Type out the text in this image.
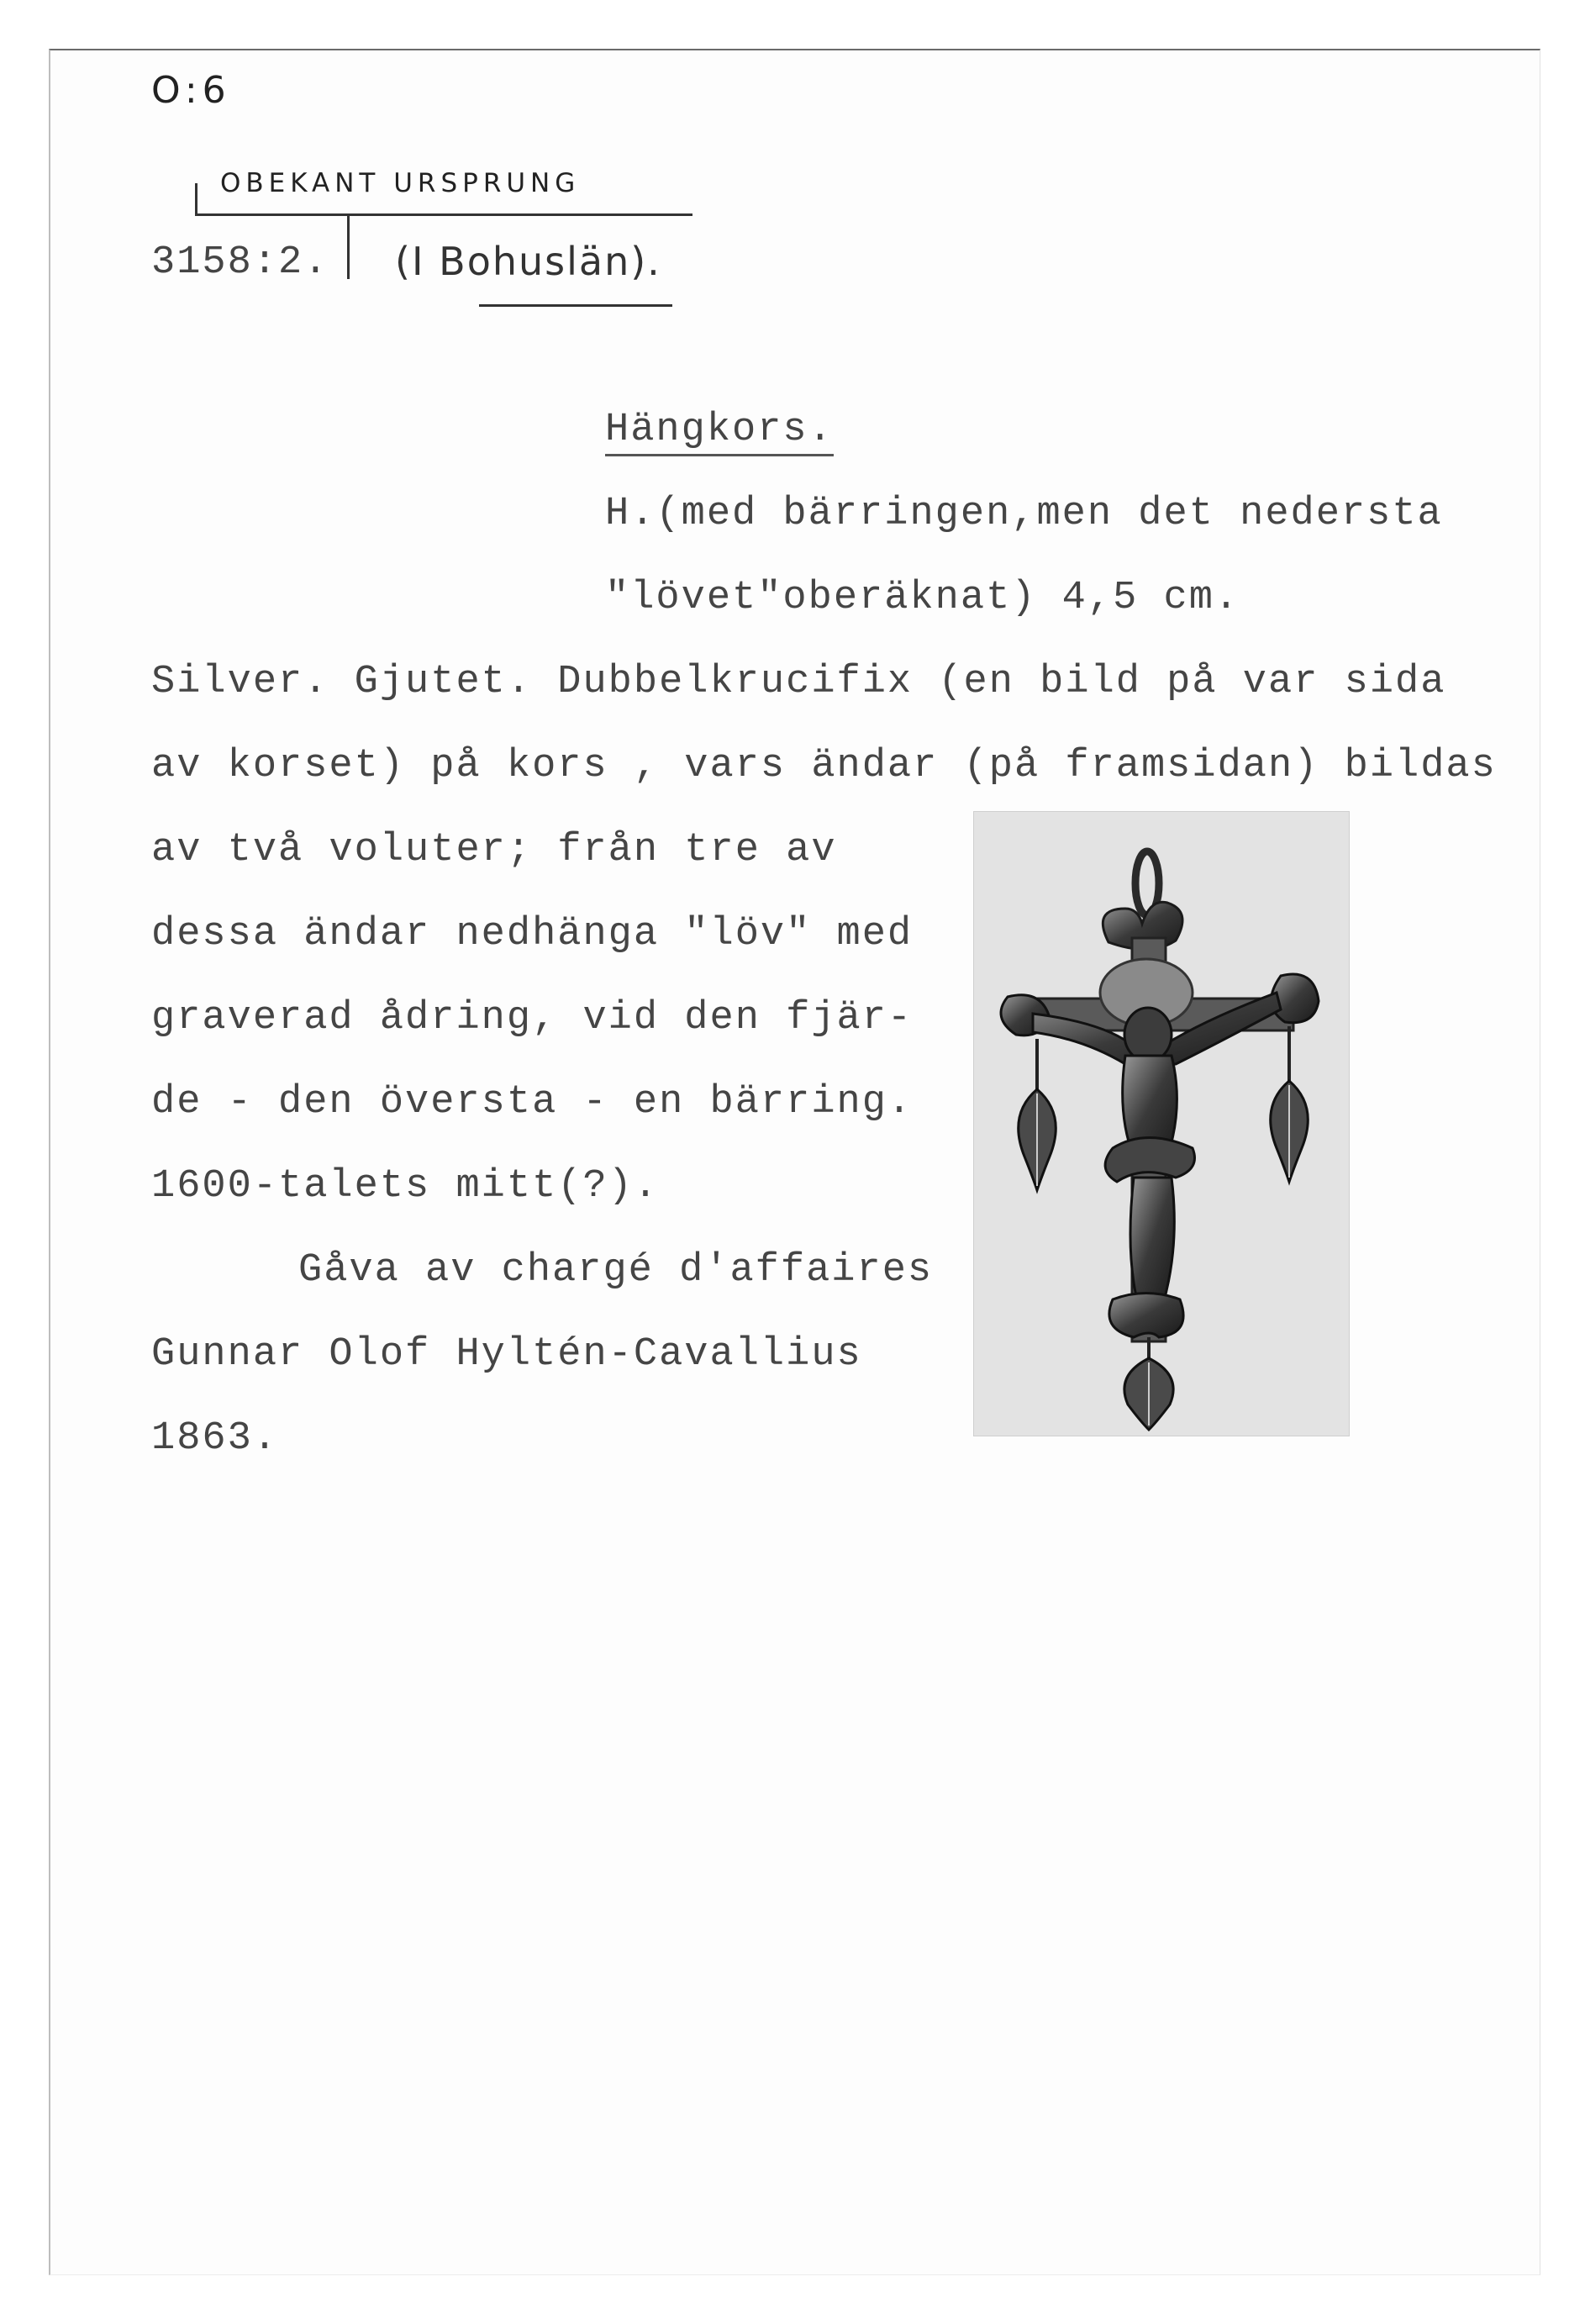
O:6
OBEKANT URSPRUNG
3158:2. (I Bohuslän).
Hängkors.
H.(med bärringen,men det nedersta
"lövet"oberäknat) 4,5 cm.
Silver. Gjutet. Dubbelkrucifix (en bild på var sida
av korset) på kors , vars ändar (på framsidan) bildas
av två voluter; från tre av
dessa ändar nedhänga "löv" med
graverad ådring, vid den fjär-
de - den översta - en bärring.
1600-talets mitt(?).
Gåva av chargé d'affaires
Gunnar Olof Hyltén-Cavallius
1863.
